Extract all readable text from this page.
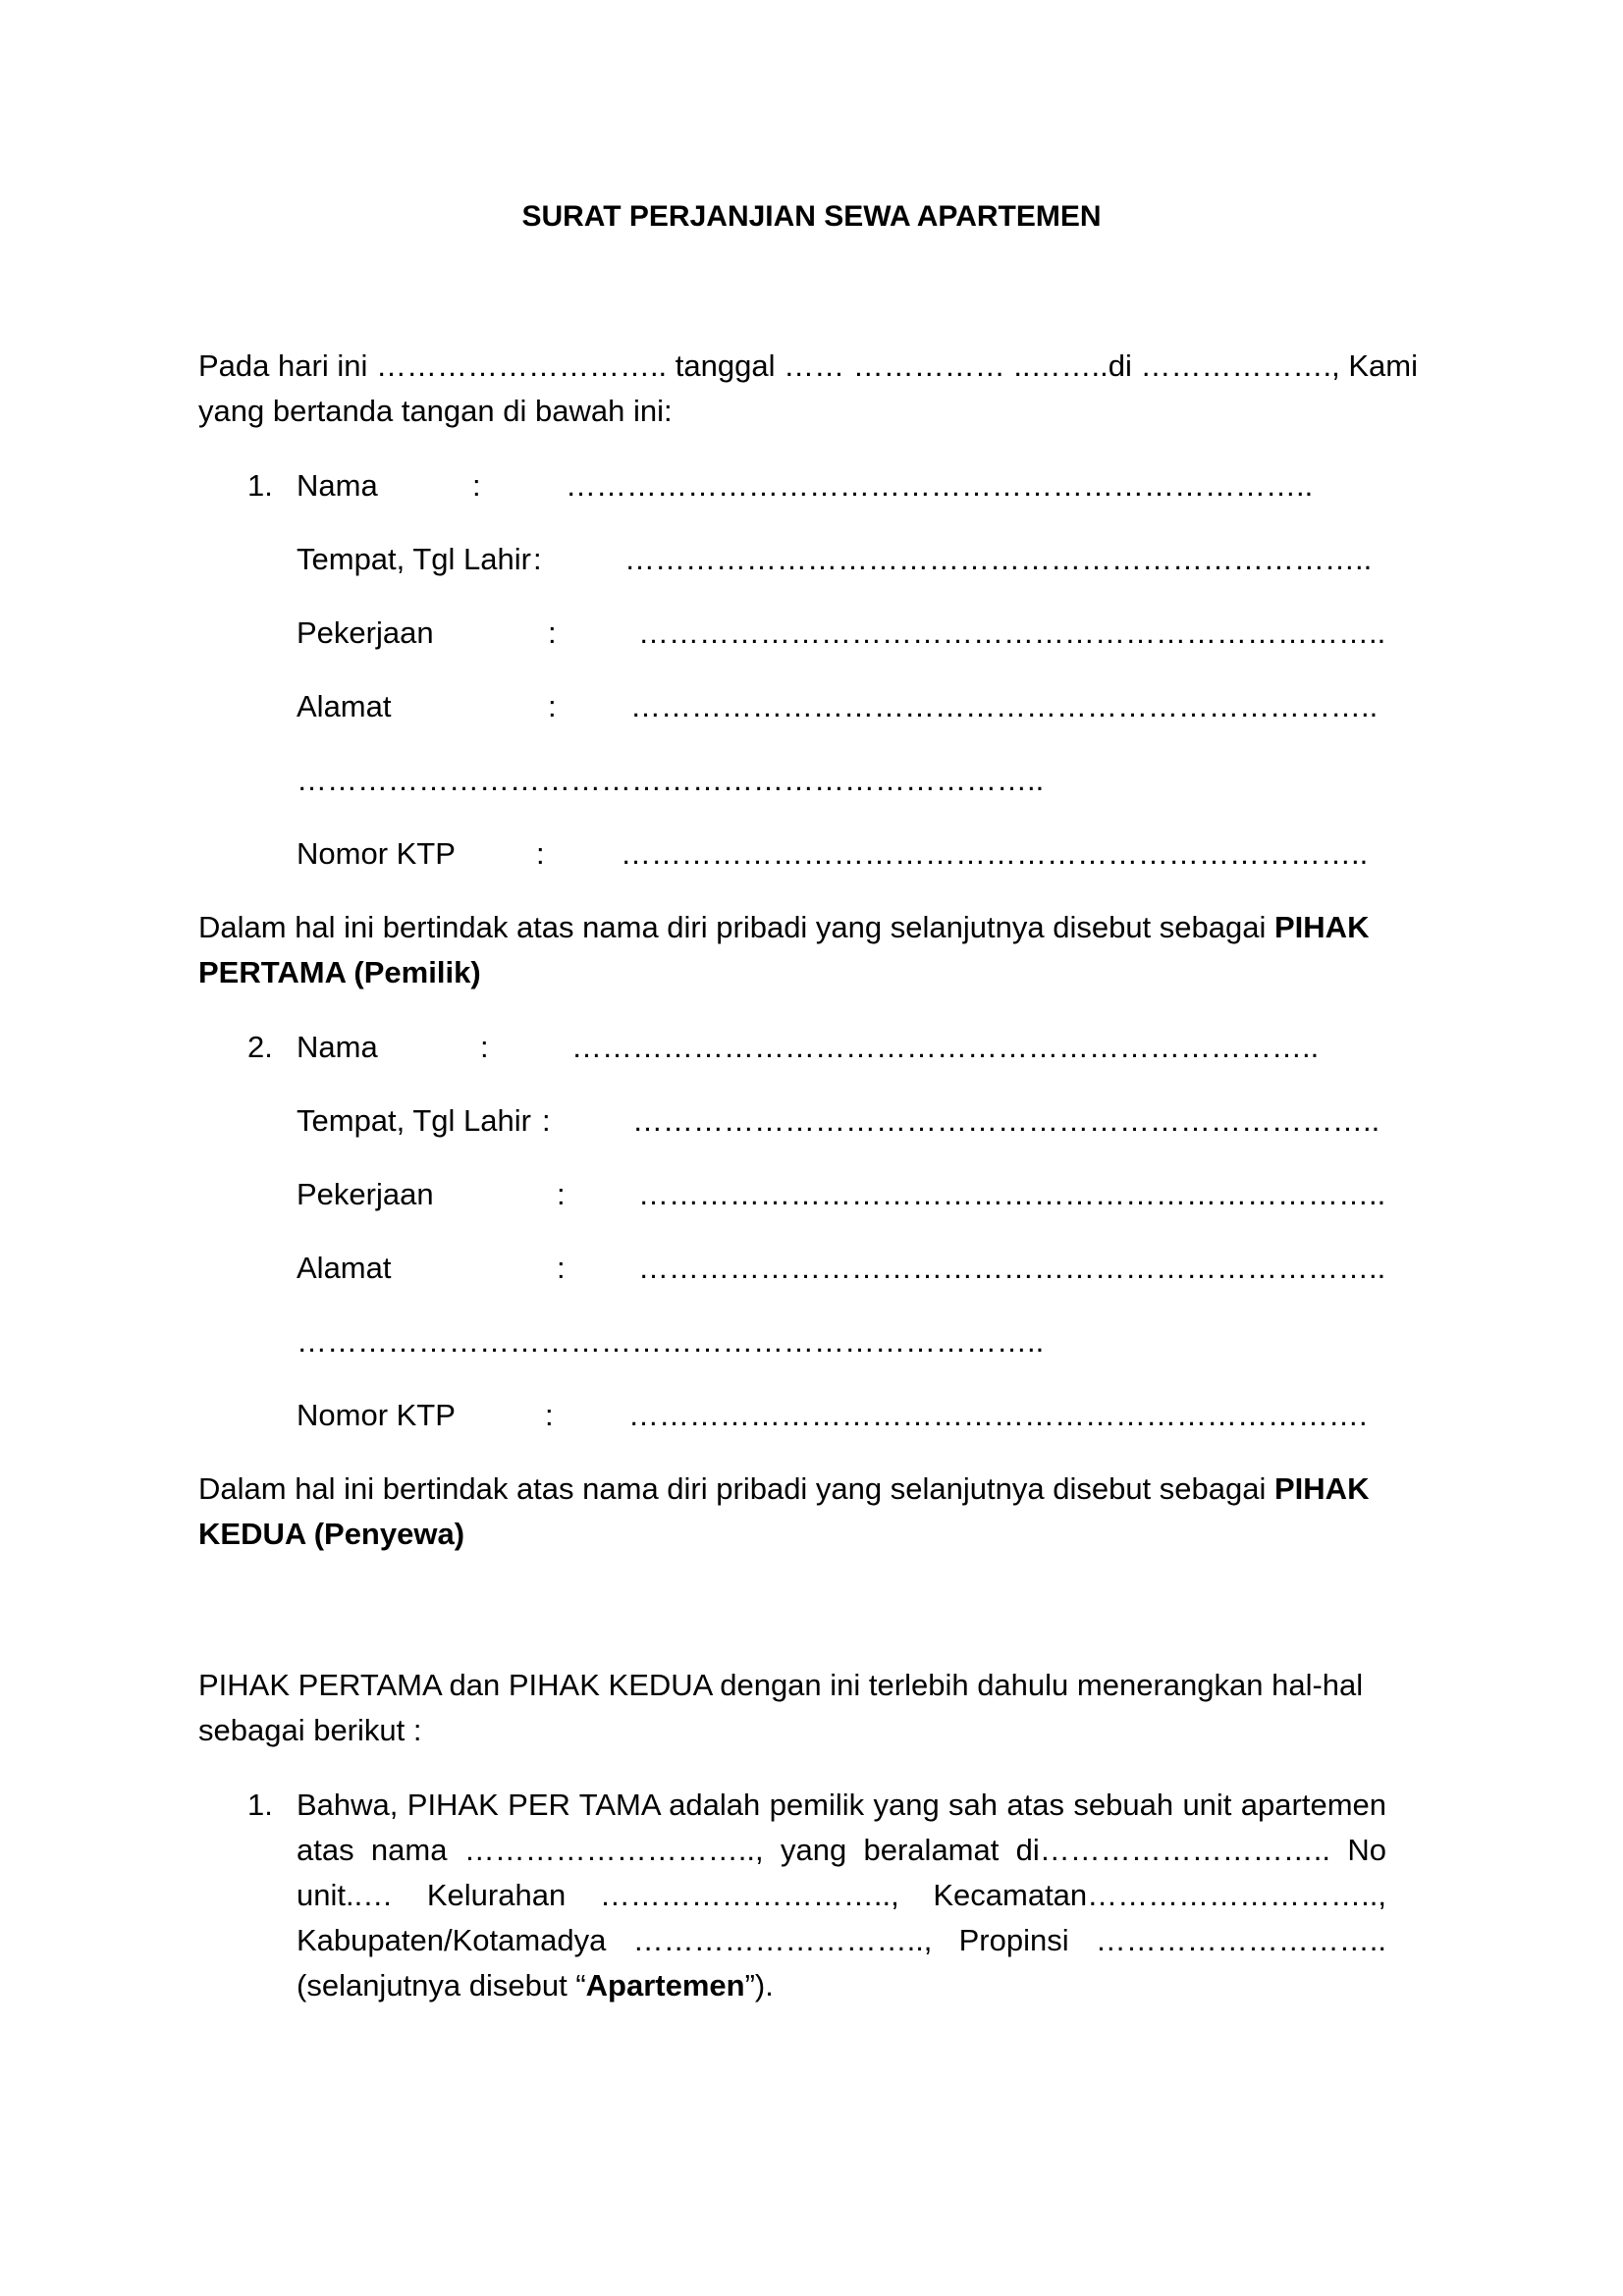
SURAT PERJANJIAN SEWA APARTEMEN
Pada hari ini ……………………….. tanggal …… …………… ..……..di ………………., Kami yang bertanda tangan di bawah ini:
1. Nama	:	………………………………………………………………..
Tempat, Tgl Lahir :	………………………………………………………………..
Pekerjaan	:	………………………………………………………………..
Alamat	: ………………………………………………………………..
………………………………………………………………..
Nomor KTP	: ………………………………………………………………..
Dalam hal ini bertindak atas nama diri pribadi yang selanjutnya disebut sebagai PIHAK PERTAMA (Pemilik)
2. Nama	:	………………………………………………………………..
Tempat, Tgl Lahir :	………………………………………………………………..
Pekerjaan	: ………………………………………………………………..
Alamat	: ………………………………………………………………..
………………………………………………………………..
Nomor KTP	: ……………………………………………………………….
Dalam hal ini bertindak atas nama diri pribadi yang selanjutnya disebut sebagai PIHAK KEDUA (Penyewa)
PIHAK PERTAMA dan PIHAK KEDUA dengan ini terlebih dahulu menerangkan hal-hal sebagai berikut :
1. Bahwa, PIHAK PER TAMA adalah pemilik yang sah atas sebuah unit apartemen atas nama ……………………….., yang beralamat di……………………….. No unit..… Kelurahan ……………………….., Kecamatan……………………….., Kabupaten/Kotamadya ……………………….., Propinsi ……………………….. (selanjutnya disebut “Apartemen”).
